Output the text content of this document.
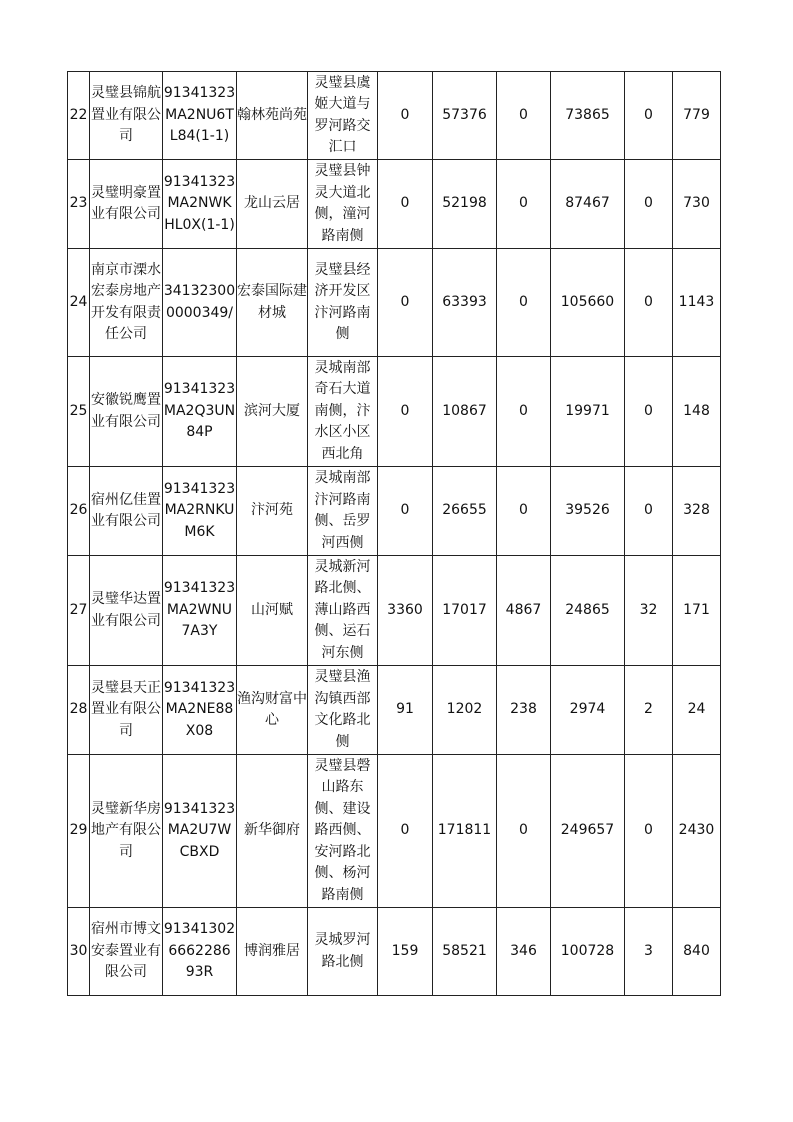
22	灵璧县锦航置业有限公司	91341323MA2NU6TL84(1-1)	翰林苑尚苑	灵璧县虞姬大道与罗河路交汇口	0	57376	0	73865	0	779
23	灵璧明豪置业有限公司	91341323MA2NWKHL0X(1-1)	龙山云居	灵璧县钟灵大道北侧，潼河路南侧	0	52198	0	87467	0	730
24	南京市溧水宏泰房地产开发有限责任公司	341323000000349/	宏泰国际建材城	灵璧县经济开发区汴河路南侧	0	63393	0	105660	0	1143
25	安徽锐鹰置业有限公司	91341323MA2Q3UN84P	滨河大厦	灵城南部奇石大道南侧，汴水区小区西北角	0	10867	0	19971	0	148
26	宿州亿佳置业有限公司	91341323MA2RNKUM6K	汴河苑	灵城南部汴河路南侧、岳罗河西侧	0	26655	0	39526	0	328
27	灵璧华达置业有限公司	91341323MA2WNU7A3Y	山河赋	灵城新河路北侧、薄山路西侧、运石河东侧	3360	17017	4867	24865	32	171
28	灵璧县天正置业有限公司	91341323MA2NE88X08	渔沟财富中心	灵璧县渔沟镇西部文化路北侧	91	1202	238	2974	2	24
29	灵璧新华房地产有限公司	91341323MA2U7WCBXD	新华御府	灵璧县磬山路东侧、建设路西侧、安河路北侧、杨河路南侧	0	171811	0	249657	0	2430
30	宿州市博文安泰置业有限公司	913413026662286 93R	博润雅居	灵城罗河路北侧	159	58521	346	100728	3	840
